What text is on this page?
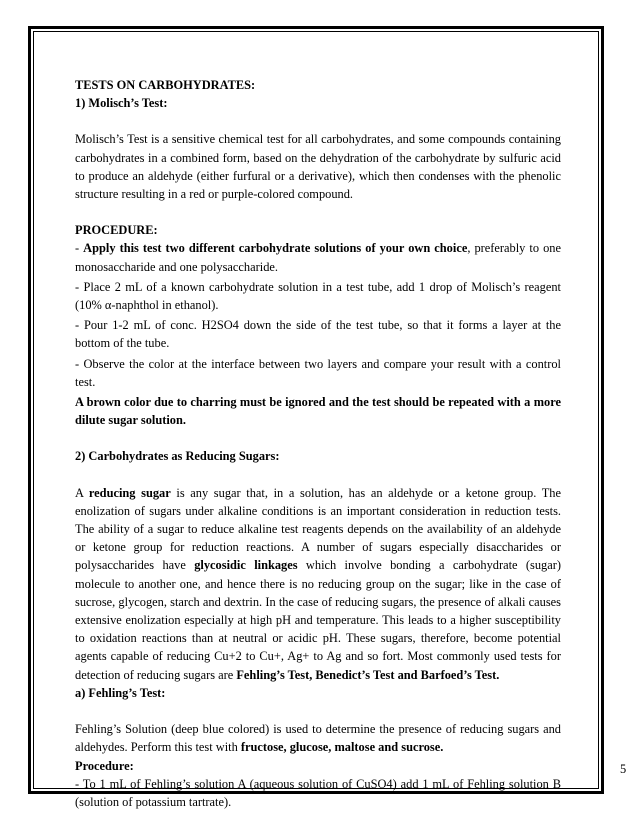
TESTS ON CARBOHYDRATES:

1) Molisch’s Test:

Molisch’s Test is a sensitive chemical test for all carbohydrates, and some compounds containing carbohydrates in a combined form, based on the dehydration of the carbohydrate by sulfuric acid to produce an aldehyde (either furfural or a derivative), which then condenses with the phenolic structure resulting in a red or purple-colored compound.

PROCEDURE:

- Apply this test two different carbohydrate solutions of your own choice, preferably to one monosaccharide and one polysaccharide.

- Place 2 mL of a known carbohydrate solution in a test tube, add 1 drop of Molisch’s reagent (10% α-naphthol in ethanol).

- Pour 1-2 mL of conc. H2SO4 down the side of the test tube, so that it forms a layer at the bottom of the tube.

- Observe the color at the interface between two layers and compare your result with a control test.

A brown color due to charring must be ignored and the test should be repeated with a more dilute sugar solution.

2) Carbohydrates as Reducing Sugars:

A reducing sugar is any sugar that, in a solution, has an aldehyde or a ketone group. The enolization of sugars under alkaline conditions is an important consideration in reduction tests. The ability of a sugar to reduce alkaline test reagents depends on the availability of an aldehyde or ketone group for reduction reactions. A number of sugars especially disaccharides or polysaccharides have glycosidic linkages which involve bonding a carbohydrate (sugar) molecule to another one, and hence there is no reducing group on the sugar; like in the case of sucrose, glycogen, starch and dextrin. In the case of reducing sugars, the presence of alkali causes extensive enolization especially at high pH and temperature. This leads to a higher susceptibility to oxidation reactions than at neutral or acidic pH. These sugars, therefore, become potential agents capable of reducing Cu+2 to Cu+, Ag+ to Ag and so fort. Most commonly used tests for detection of reducing sugars are Fehling’s Test, Benedict’s Test and Barfoed’s Test.

a) Fehling’s Test:

Fehling’s Solution (deep blue colored) is used to determine the presence of reducing sugars and aldehydes. Perform this test with fructose, glucose, maltose and sucrose.

Procedure:

- To 1 mL of Fehling’s solution A (aqueous solution of CuSO4) add 1 mL of Fehling solution B (solution of potassium tartrate).

5
